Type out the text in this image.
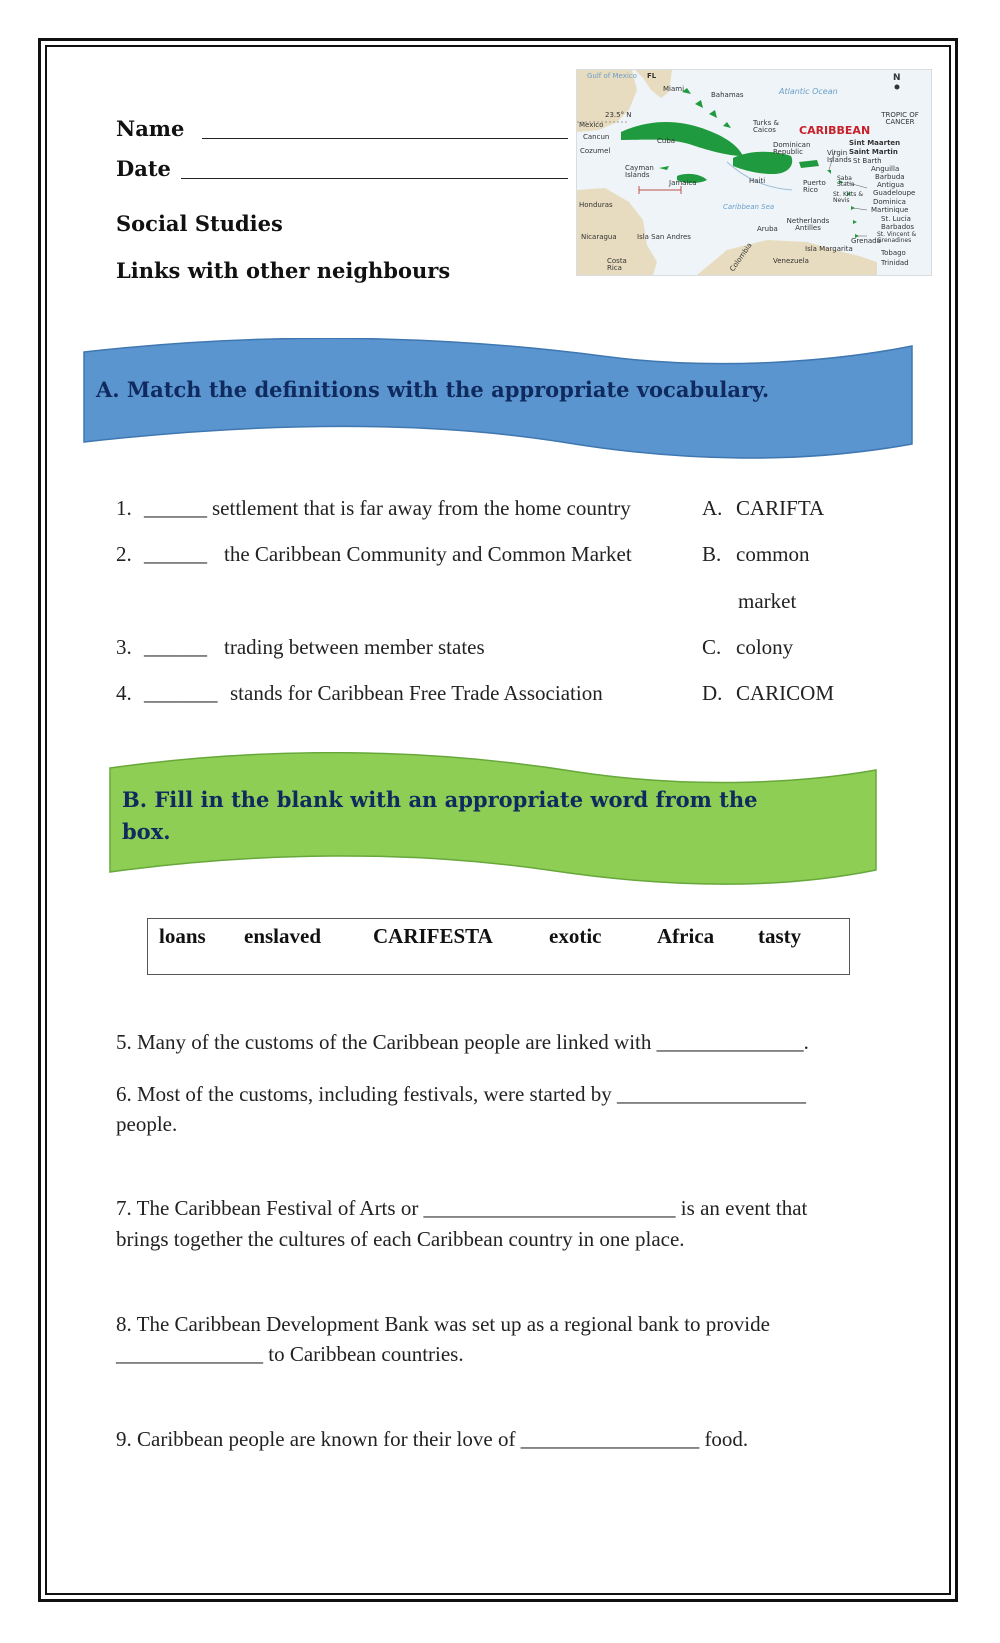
Name
Date
Social Studies
Links with other neighbours
Gulf of Mexico FL
Miami
Bahamas	Atlantic Ocean
N
TROPIC OF CANCER
23.5° N
Mexico
Cancun
Cozumel
Cuba
Turks & Caicos	CARIBBEAN
Sint Maarten
Saint Martin
Dominican Republic	Virgin Islands St Barth
Anguilla
Barbuda
Cayman Islands
Jamaica	Haiti	Puerto Rico
Saba Statia	Antigua
Guadeloupe
St. Kitts & Nevis	Dominica
Martinique
Honduras	Caribbean Sea
St. Lucia
Barbados
Netherlands Antilles
Aruba
St. Vincent & Grenadines
Nicaragua	Isla San Andres	Grenada
Tobago
Isla Margarita
Colombia	Venezuela	Trinidad
Costa Rica
A. Match the definitions with the appropriate vocabulary.
1. ______ settlement that is far away from the home country
2. ______ the Caribbean Community and Common Market
3. ______ trading between member states
4. _______ stands for Caribbean Free Trade Association
A. CARIFTA
B. common
market
C. colony
D. CARICOM
B. Fill in the blank with an appropriate word from the
box.
loans enslaved CARIFESTA	exotic	Africa tasty
5. Many of the customs of the Caribbean people are linked with ______________.
6. Most of the customs, including festivals, were started by __________________
people.
7. The Caribbean Festival of Arts or ________________________ is an event that
brings together the cultures of each Caribbean country in one place.
8. The Caribbean Development Bank was set up as a regional bank to provide
______________ to Caribbean countries.
9. Caribbean people are known for their love of _________________ food.
